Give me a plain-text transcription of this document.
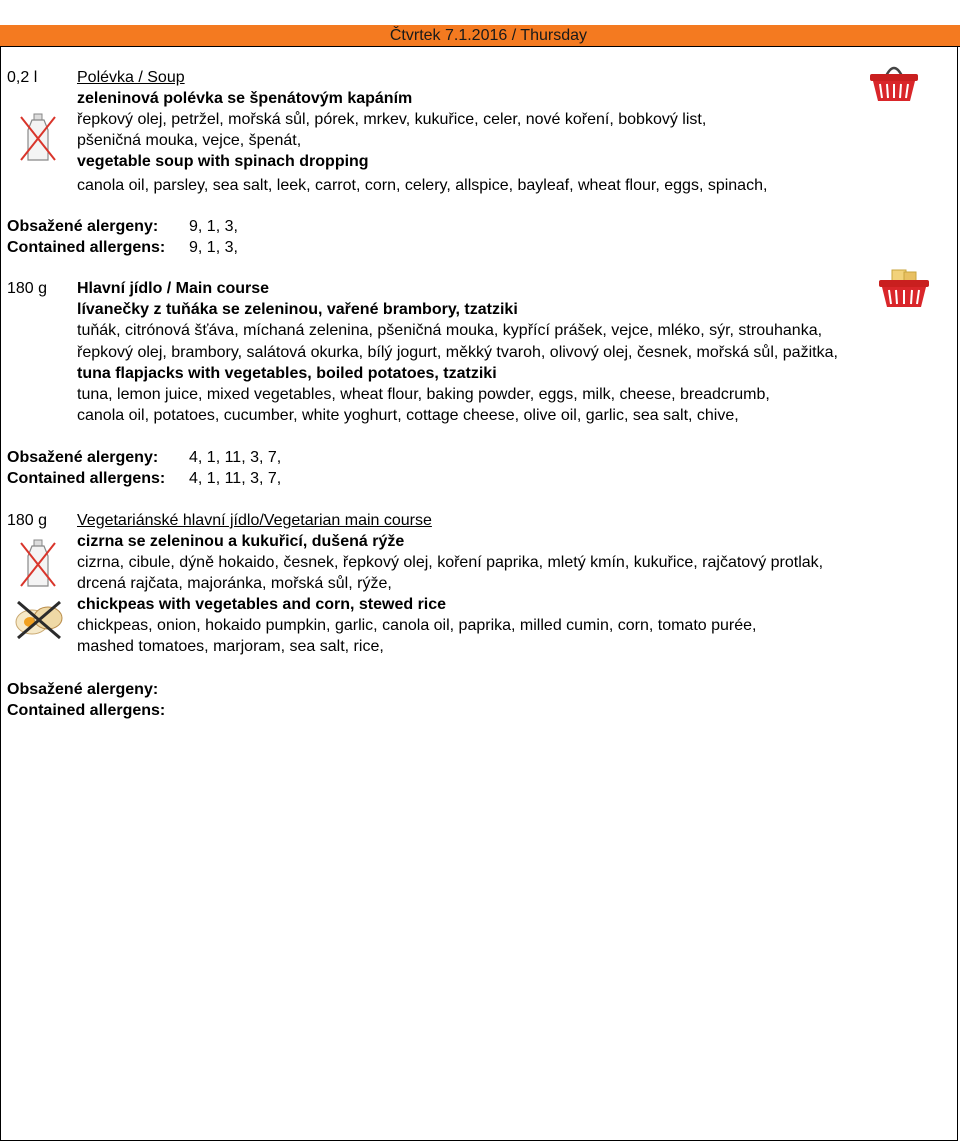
Čtvrtek 7.1.2016 / Thursday
0,2 l Polévka / Soup
zeleninová polévka se špenátovým kapáním
řepkový olej, petržel, mořská sůl, pórek, mrkev, kukuřice, celer, nové koření, bobkový list,
pšeničná mouka, vejce, špenát,
vegetable soup with spinach dropping
canola oil, parsley, sea salt, leek, carrot, corn, celery, allspice, bayleaf, wheat flour, eggs, spinach,
Obsažené alergeny: 9, 1, 3,
Contained allergens: 9, 1, 3,
180 g Hlavní jídlo / Main course
lívanečky z tuňáka se zeleninou, vařené brambory, tzatziki
tuňák, citrónová šťáva, míchaná zelenina, pšeničná mouka, kypřící prášek, vejce, mléko, sýr, strouhanka,
řepkový olej, brambory, salátová okurka, bílý jogurt, měkký tvaroh, olivový olej, česnek, mořská sůl, pažitka,
tuna flapjacks with vegetables, boiled potatoes, tzatziki
tuna, lemon juice, mixed vegetables, wheat flour, baking powder, eggs, milk, cheese, breadcrumb,
canola oil, potatoes, cucumber, white yoghurt, cottage cheese, olive oil, garlic, sea salt, chive,
Obsažené alergeny: 4, 1, 11, 3, 7,
Contained allergens: 4, 1, 11, 3, 7,
180 g Vegetariánské hlavní jídlo/Vegetarian main course
cizrna se zeleninou a kukuřicí, dušená rýže
cizrna, cibule, dýně hokaido, česnek, řepkový olej, koření paprika, mletý kmín, kukuřice, rajčatový protlak,
drcená rajčata, majoránka, mořská sůl, rýže,
chickpeas with vegetables and corn, stewed rice
chickpeas, onion, hokaido pumpkin, garlic, canola oil, paprika, milled cumin, corn, tomato purée,
mashed tomatoes, marjoram, sea salt, rice,
Obsažené alergeny:
Contained allergens:
